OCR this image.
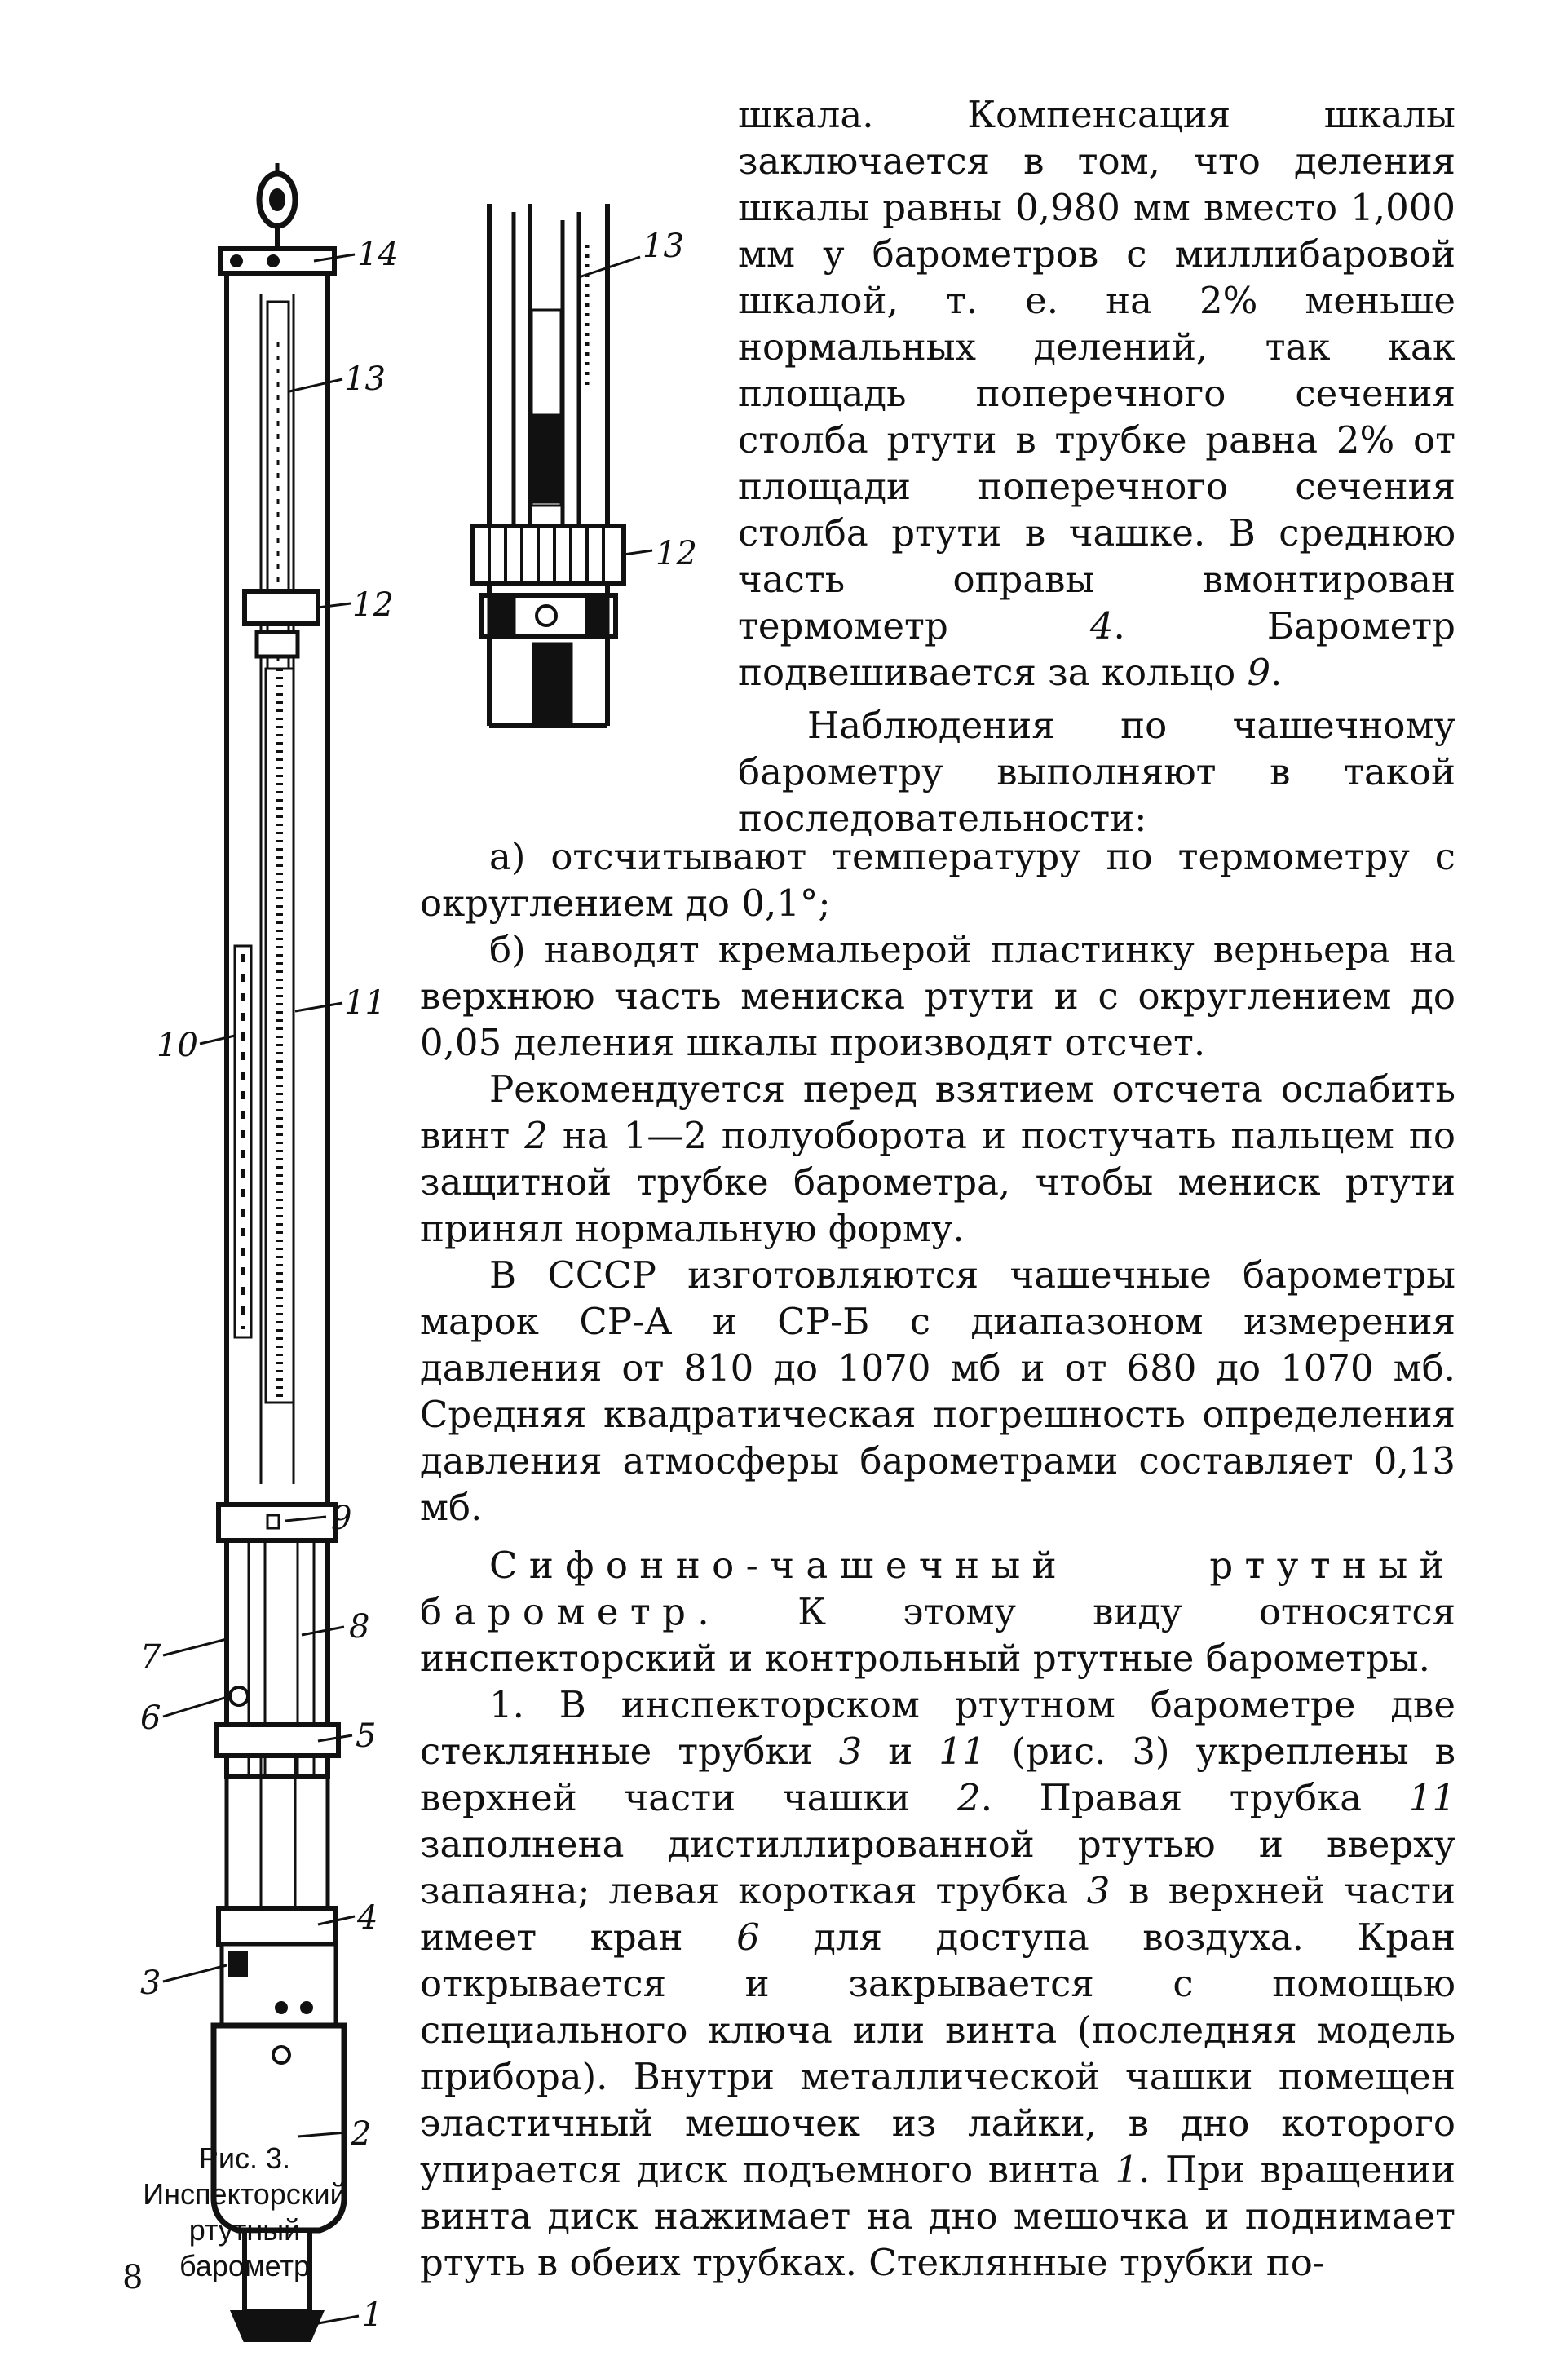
14
13
12
10
11
9
7
8
6	5
4
3
2
1
13
12
Рис. 3. Инспекторский ртутный барометр
8

шкала. Компенсация шкалы заключается в том, что деления шкалы равны 0,980 мм вместо 1,000 мм у барометров с миллибаровой шкалой, т. е. на 2% меньше нормальных делений, так как площадь поперечного сечения столба ртути в трубке равна 2% от площади поперечного сечения столба ртути в чашке. В среднюю часть оправы вмонтирован термометр 4. Барометр подвешивается за кольцо 9.

Наблюдения по чашечному барометру выполняют в такой последовательности:

а) отсчитывают температуру по термометру с округлением до 0,1°;

б) наводят кремальерой пластинку верньера на верхнюю часть мениска ртути и с округлением до 0,05 деления шкалы производят отсчет.

Рекомендуется перед взятием отсчета ослабить винт 2 на 1—2 полуоборота и постучать пальцем по защитной трубке барометра, чтобы мениск ртути принял нормальную форму.

В СССР изготовляются чашечные барометры марок СР-А и СР-Б с диапазоном измерения давления от 810 до 1070 мб и от 680 до 1070 мб. Средняя квадратическая погрешность определения давления атмосферы барометрами составляет 0,13 мб.

Сифонно-чашечный ртутный барометр. К этому виду относятся инспекторский и контрольный ртутные барометры.

1. В инспекторском ртутном барометре две стеклянные трубки 3 и 11 (рис. 3) укреплены в верхней части чашки 2. Правая трубка 11 заполнена дистиллированной ртутью и вверху запаяна; левая короткая трубка 3 в верхней части имеет кран 6 для доступа воздуха. Кран открывается и закрывается с помощью специального ключа или винта (последняя модель прибора). Внутри металлической чашки помещен эластичный мешочек из лайки, в дно которого упирается диск подъемного винта 1. При вращении винта диск нажимает на дно мешочка и поднимает ртуть в обеих трубках. Стеклянные трубки по-
